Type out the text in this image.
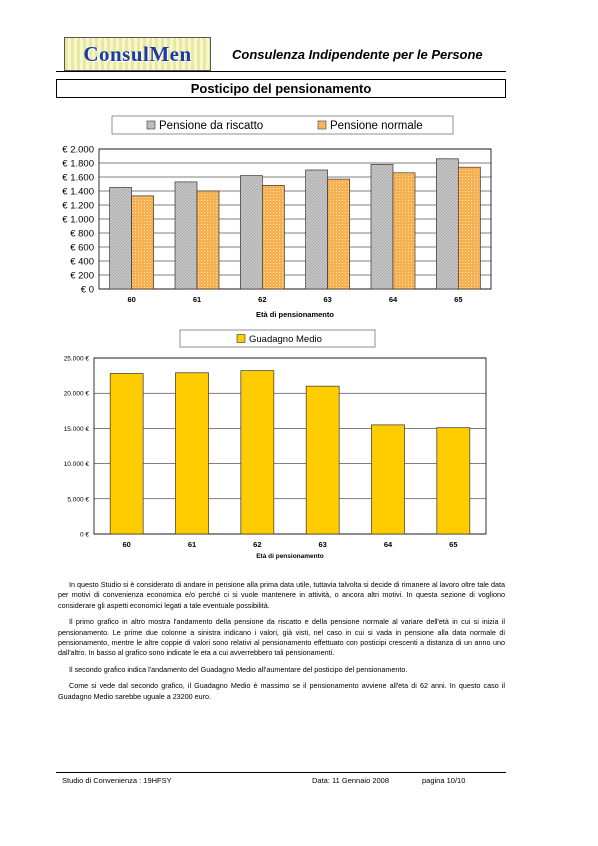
ConsulMen	Consulenza Indipendente per le Persone
Posticipo del pensionamento
Pensione da riscatto	Pensione normale
€ 0
€ 200
€ 400
€ 600
€ 800
€ 1.000
€ 1.200
€ 1.400
€ 1.600
€ 1.800
€ 2.000
60	61	62	63	64	65
Età di pensionamento
Guadagno Medio
0 €
5.000 €
10.000 €
15.000 €
20.000 €
25.000 €
60	61	62	63	64	65
Età di pensionamento

In questo Studio si è considerato di andare in pensione alla prima data utile, tuttavia talvolta si decide di rimanere al lavoro oltre tale data per motivi di convenienza economica e/o perché ci si vuole mantenere in attività, o ancora altri motivi. In questa sezione di vogliono considerare gli aspetti economici legati a tale eventuale possibilità.

Il primo grafico in altro mostra l'andamento della pensione da riscatto e della pensione normale al variare dell'età in cui si inizia il pensionamento. Le prime due colonne a sinistra indicano i valori, già visti, nel caso in cui si vada in pensione alla data normale di pensionamento, mentre le altre coppie di valori sono relativi al pensionamento effettuato con posticipi crescenti a distanza di un anno uno dall'altro. In basso al grafico sono indicate le eta a cui avverrebbero tali pensionamenti.

Il secondo grafico indica l'andamento del Guadagno Medio all'aumentare del posticipo del pensionamento.

Come si vede dal secondo grafico, il Guadagno Medio è massimo se il pensionamento avviene all'eta di 62 anni. In questo caso il Guadagno Medio sarebbe uguale a 23200 euro.

Studio di Convenienza : 19HFSY	Data: 11 Gennaio 2008	pagina 10/10
